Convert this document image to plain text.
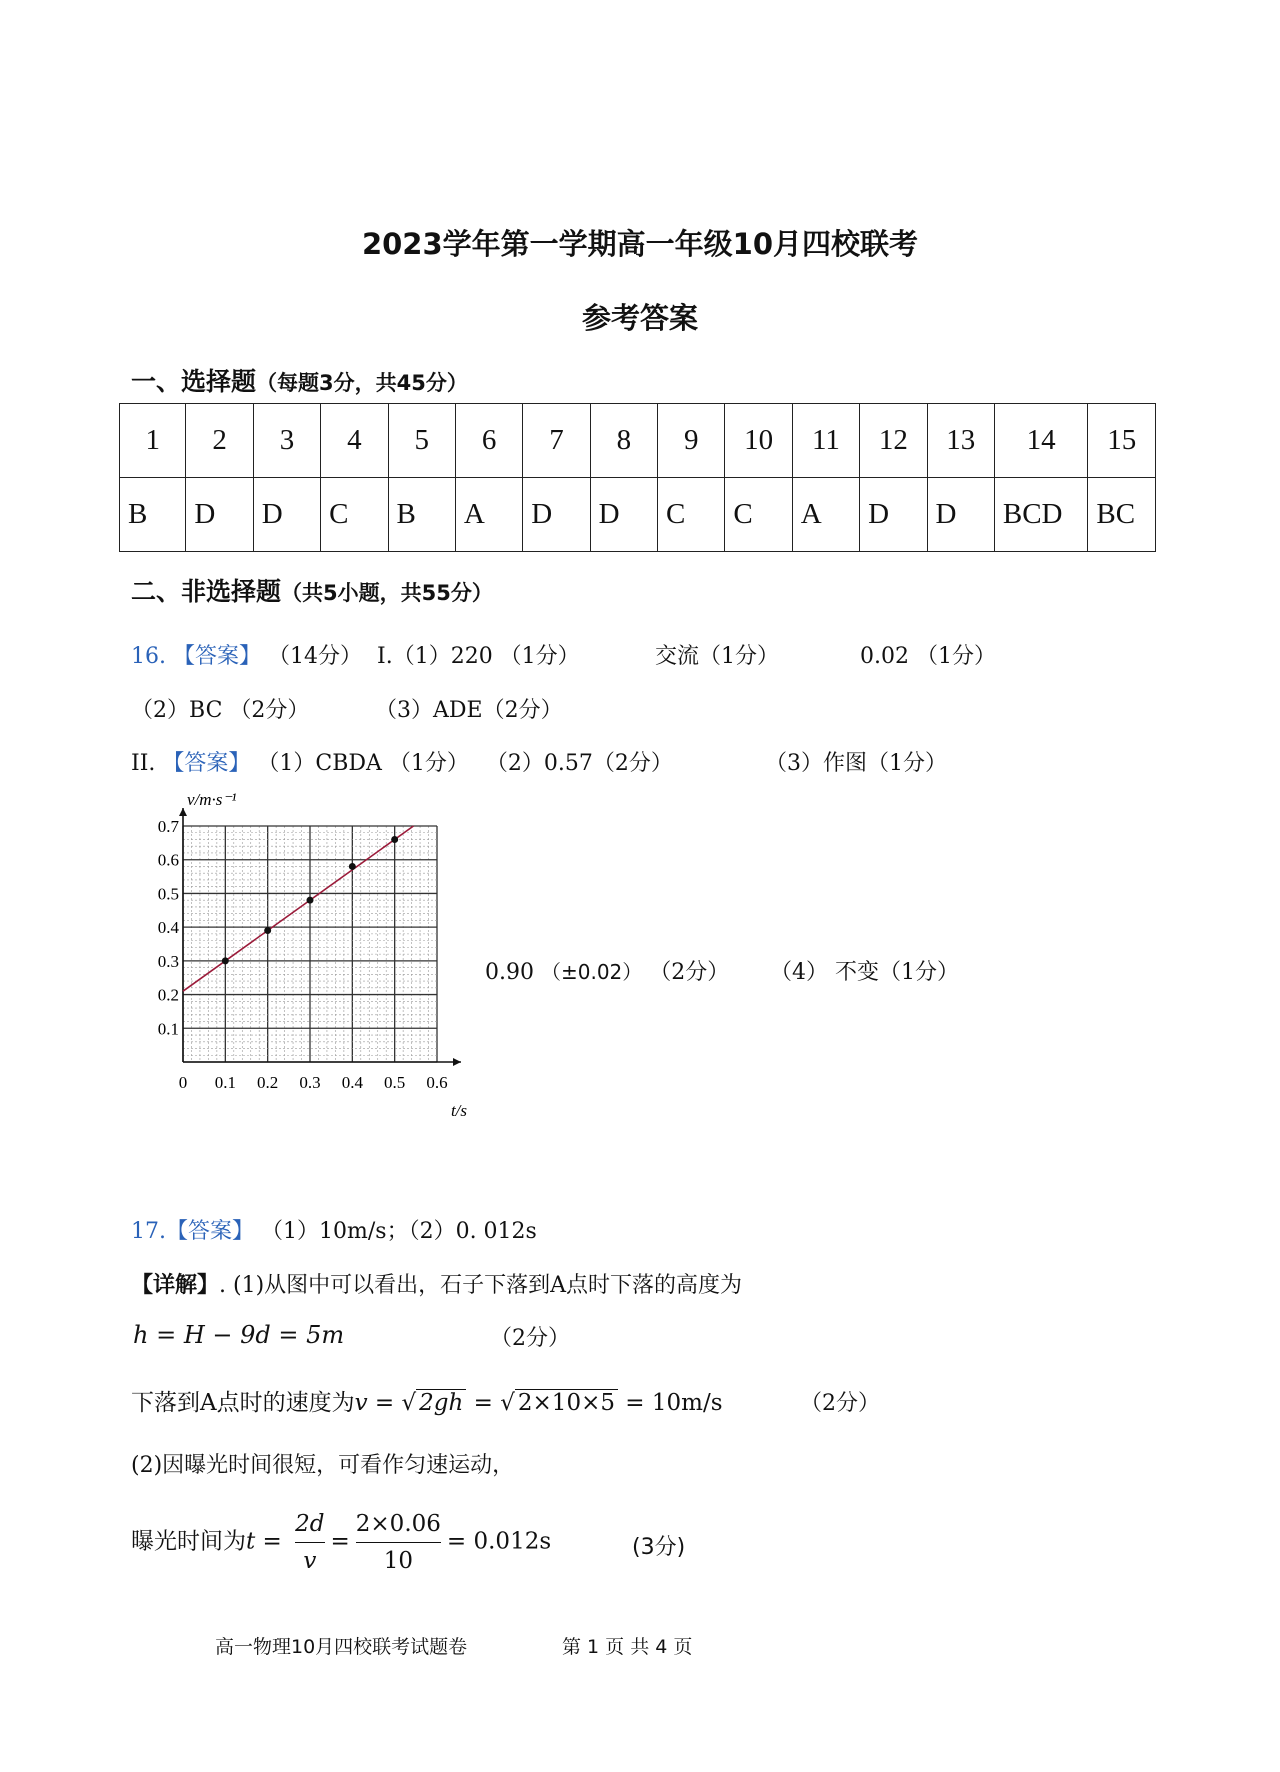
2023学年第一学期高一年级10月四校联考
参考答案
一、选择题（每题3分，共45分）
1	2	3	4	5	6	7	8	9	10	11	12	13	14	15
B	D	D	C	B	A	D	D	C	C	A	D	D	BCD	BC
二、非选择题（共5小题，共55分）
16. 【答案】 （14分） I.（1）220 （1分）	交流（1分）	0.02 （1分）
（2）BC （2分）	（3）ADE（2分）
II. 【答案】 （1）CBDA （1分） （2）0.57（2分）	（3）作图（1分）
0 0.1 0.2 0.3 0.4 0.5 0.6
0.1
0.2
0.3
0.4
0.5
0.6
0.7
v/m·s⁻¹
t/s
0.90 （±0.02） （2分） （4） 不变（1分）
17.【答案】 （1）10m/s；（2）0. 012s
【详解】. (1)从图中可以看出，石子下落到A点时下落的高度为
h = H − 9d = 5m	（2分）
下落到A点时的速度为v = √ 2gh = √ 2×10×5 = 10m/s	（2分）
(2)因曝光时间很短，可看作匀速运动，
曝光时间为$t = \frac{2d}{v} = \frac{2\times 0.06}{10} = 0.012s$	(3分)
高一物理10月四校联考试题卷	第 1 页 共 4 页
